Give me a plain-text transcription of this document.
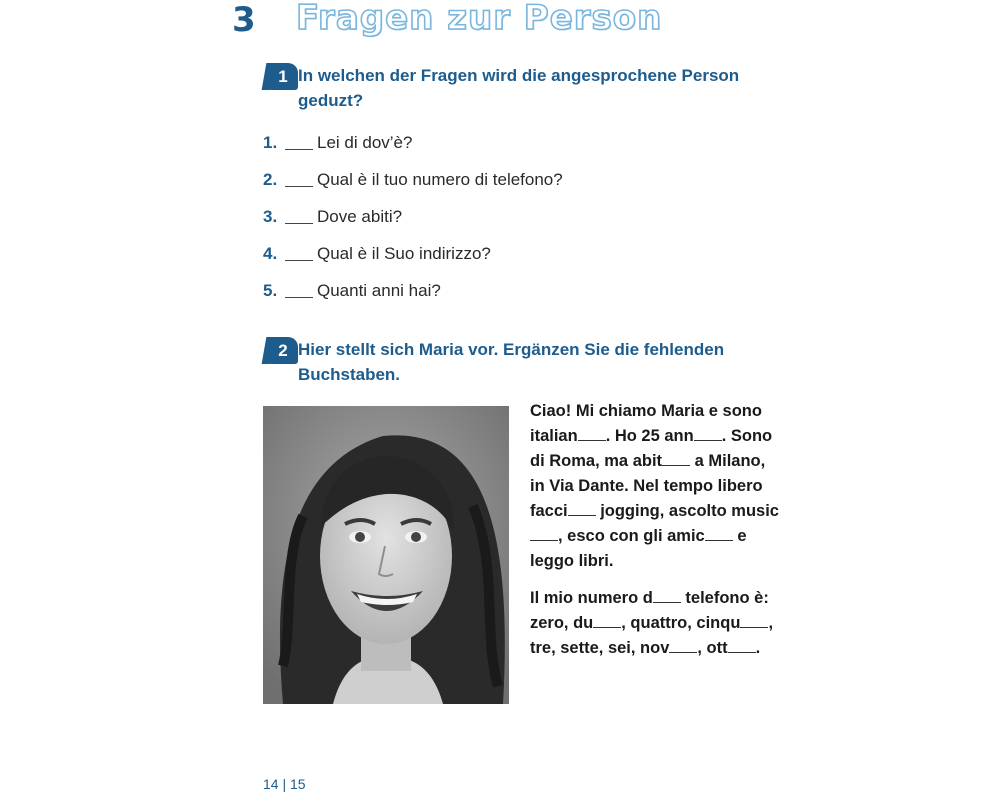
3 Fragen zur Person
1 In welchen der Fragen wird die angesprochene Person geduzt?
1.	Lei di dov’è?
2.	Qual è il tuo numero di telefono?
3.	Dove abiti?
4.	Qual è il Suo indirizzo?
5.	Quanti anni hai?
2 Hier stellt sich Maria vor. Ergänzen Sie die fehlenden Buchstaben.

Ciao! Mi chiamo Maria e sono italian . Ho 25 ann . Sono di Roma, ma abit a Milano, in Via Dante. Nel tempo libero facci jogging, ascolto music, esco con gli amic e leggo libri.

Il mio numero d telefono è: zero, du , quattro, cinqu , tre, sette, sei, nov , ott .

14 | 15
